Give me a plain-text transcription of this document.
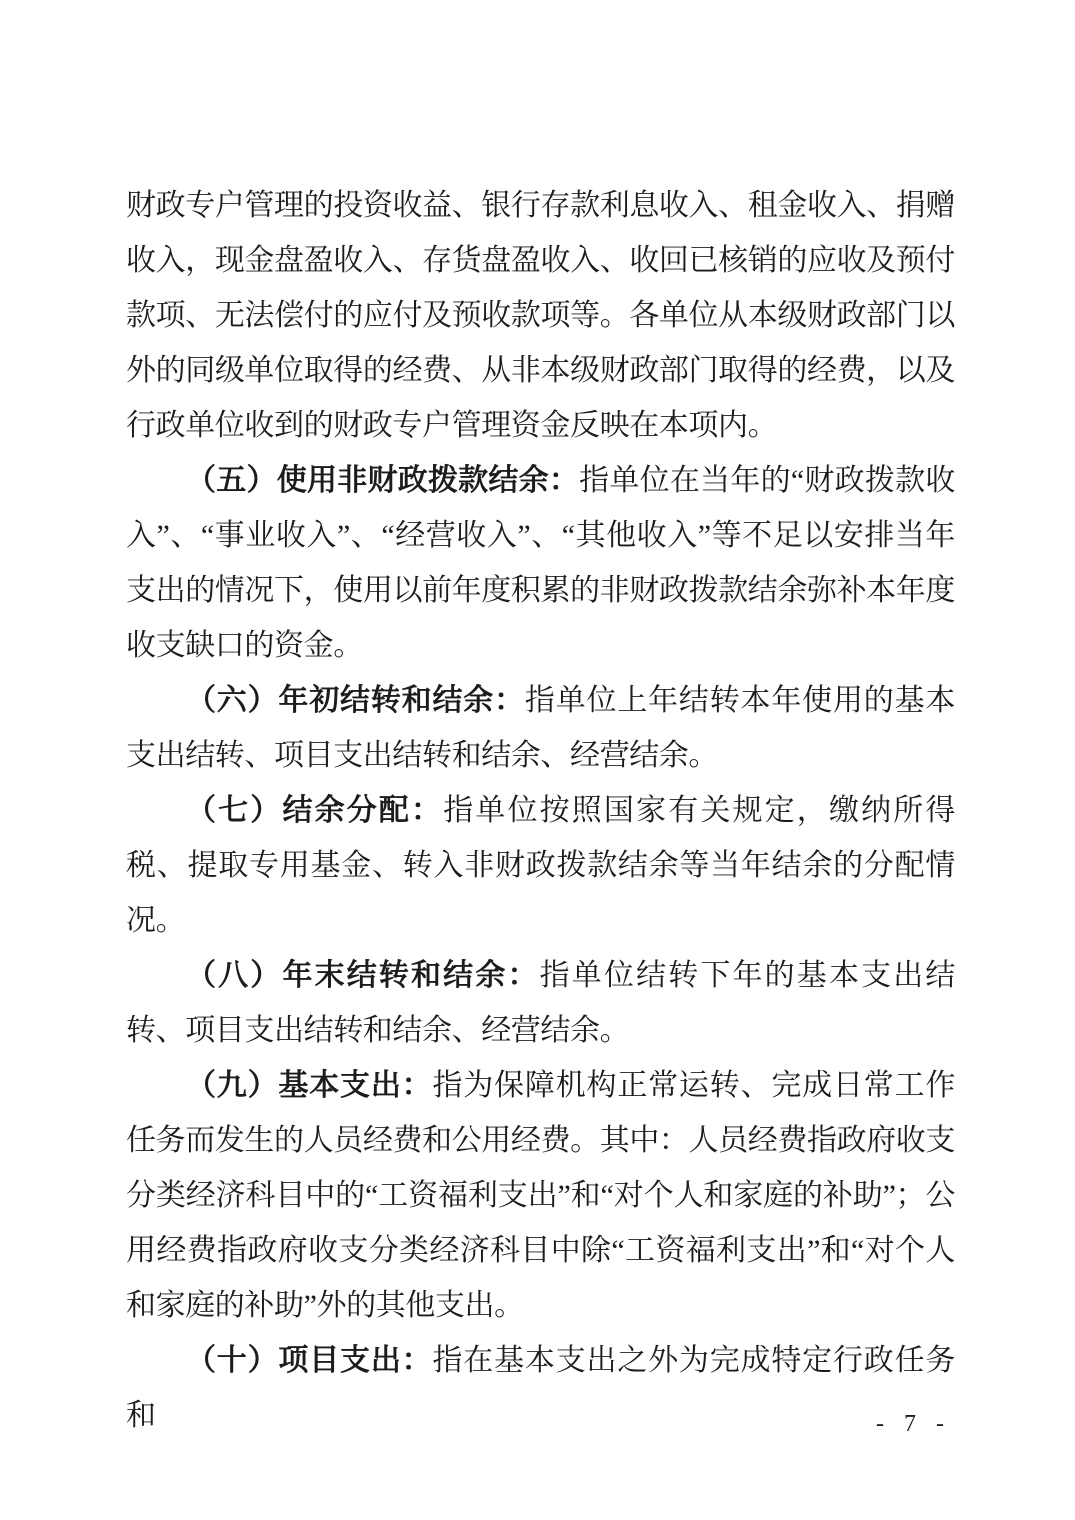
财政专户管理的投资收益、银行存款利息收入、租金收入、捐赠收入，现金盘盈收入、存货盘盈收入、收回已核销的应收及预付款项、无法偿付的应付及预收款项等。各单位从本级财政部门以外的同级单位取得的经费、从非本级财政部门取得的经费，以及行政单位收到的财政专户管理资金反映在本项内。

（五）使用非财政拨款结余：指单位在当年的“财政拨款收入”、“事业收入”、“经营收入”、“其他收入”等不足以安排当年支出的情况下，使用以前年度积累的非财政拨款结余弥补本年度收支缺口的资金。

（六）年初结转和结余：指单位上年结转本年使用的基本支出结转、项目支出结转和结余、经营结余。

（七）结余分配：指单位按照国家有关规定，缴纳所得税、提取专用基金、转入非财政拨款结余等当年结余的分配情况。

（八）年末结转和结余：指单位结转下年的基本支出结转、项目支出结转和结余、经营结余。

（九）基本支出：指为保障机构正常运转、完成日常工作任务而发生的人员经费和公用经费。其中：人员经费指政府收支分类经济科目中的“工资福利支出”和“对个人和家庭的补助”；公用经费指政府收支分类经济科目中除“工资福利支出”和“对个人和家庭的补助”外的其他支出。

（十）项目支出：指在基本支出之外为完成特定行政任务和	- 7 -
